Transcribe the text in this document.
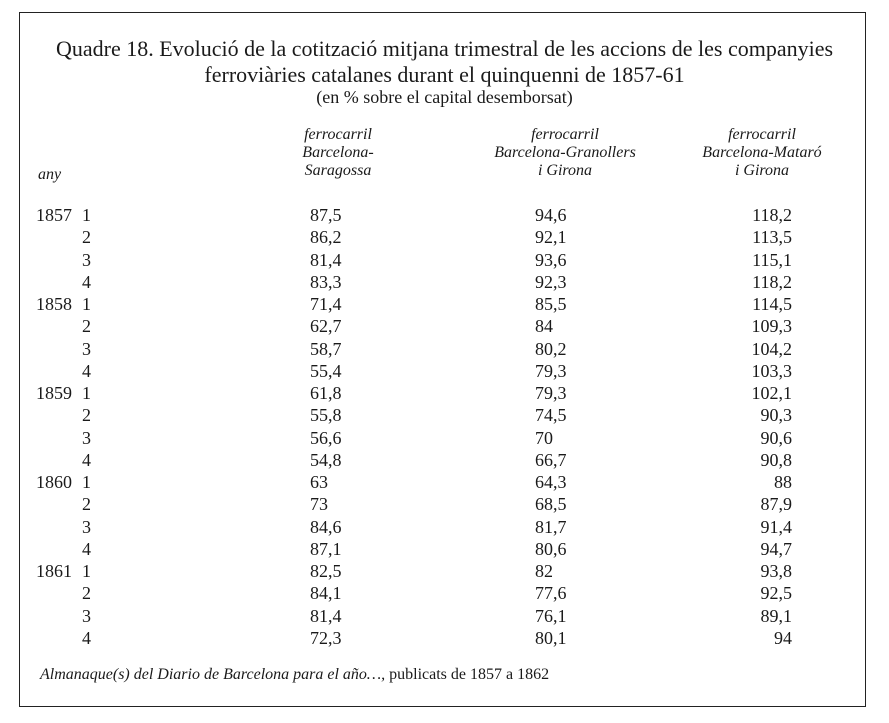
Quadre 18. Evolució de la cotització mitjana trimestral de les accions de les companyies
ferroviàries catalanes durant el quinquenni de 1857-61
(en % sobre el capital desemborsat)
ferrocarril
Barcelona-
Saragossa
ferrocarril
Barcelona-Granollers
i Girona
ferrocarril
Barcelona-Mataró
i Girona
any
1857 1	87,5	94,6	118,2
2	86,2	92,1	113,5
3	81,4	93,6	115,1
4	83,3	92,3	118,2
1858 1	71,4	85,5	114,5
2	62,7	84	109,3
3	58,7	80,2	104,2
4	55,4	79,3	103,3
1859 1	61,8	79,3	102,1
2	55,8	74,5	90,3
3	56,6	70	90,6
4	54,8	66,7	90,8
1860 1	63	64,3	88
2	73	68,5	87,9
3	84,6	81,7	91,4
4	87,1	80,6	94,7
1861 1	82,5	82	93,8
2	84,1	77,6	92,5
3	81,4	76,1	89,1
4	72,3	80,1	94
Almanaque(s) del Diario de Barcelona para el año…, publicats de 1857 a 1862
